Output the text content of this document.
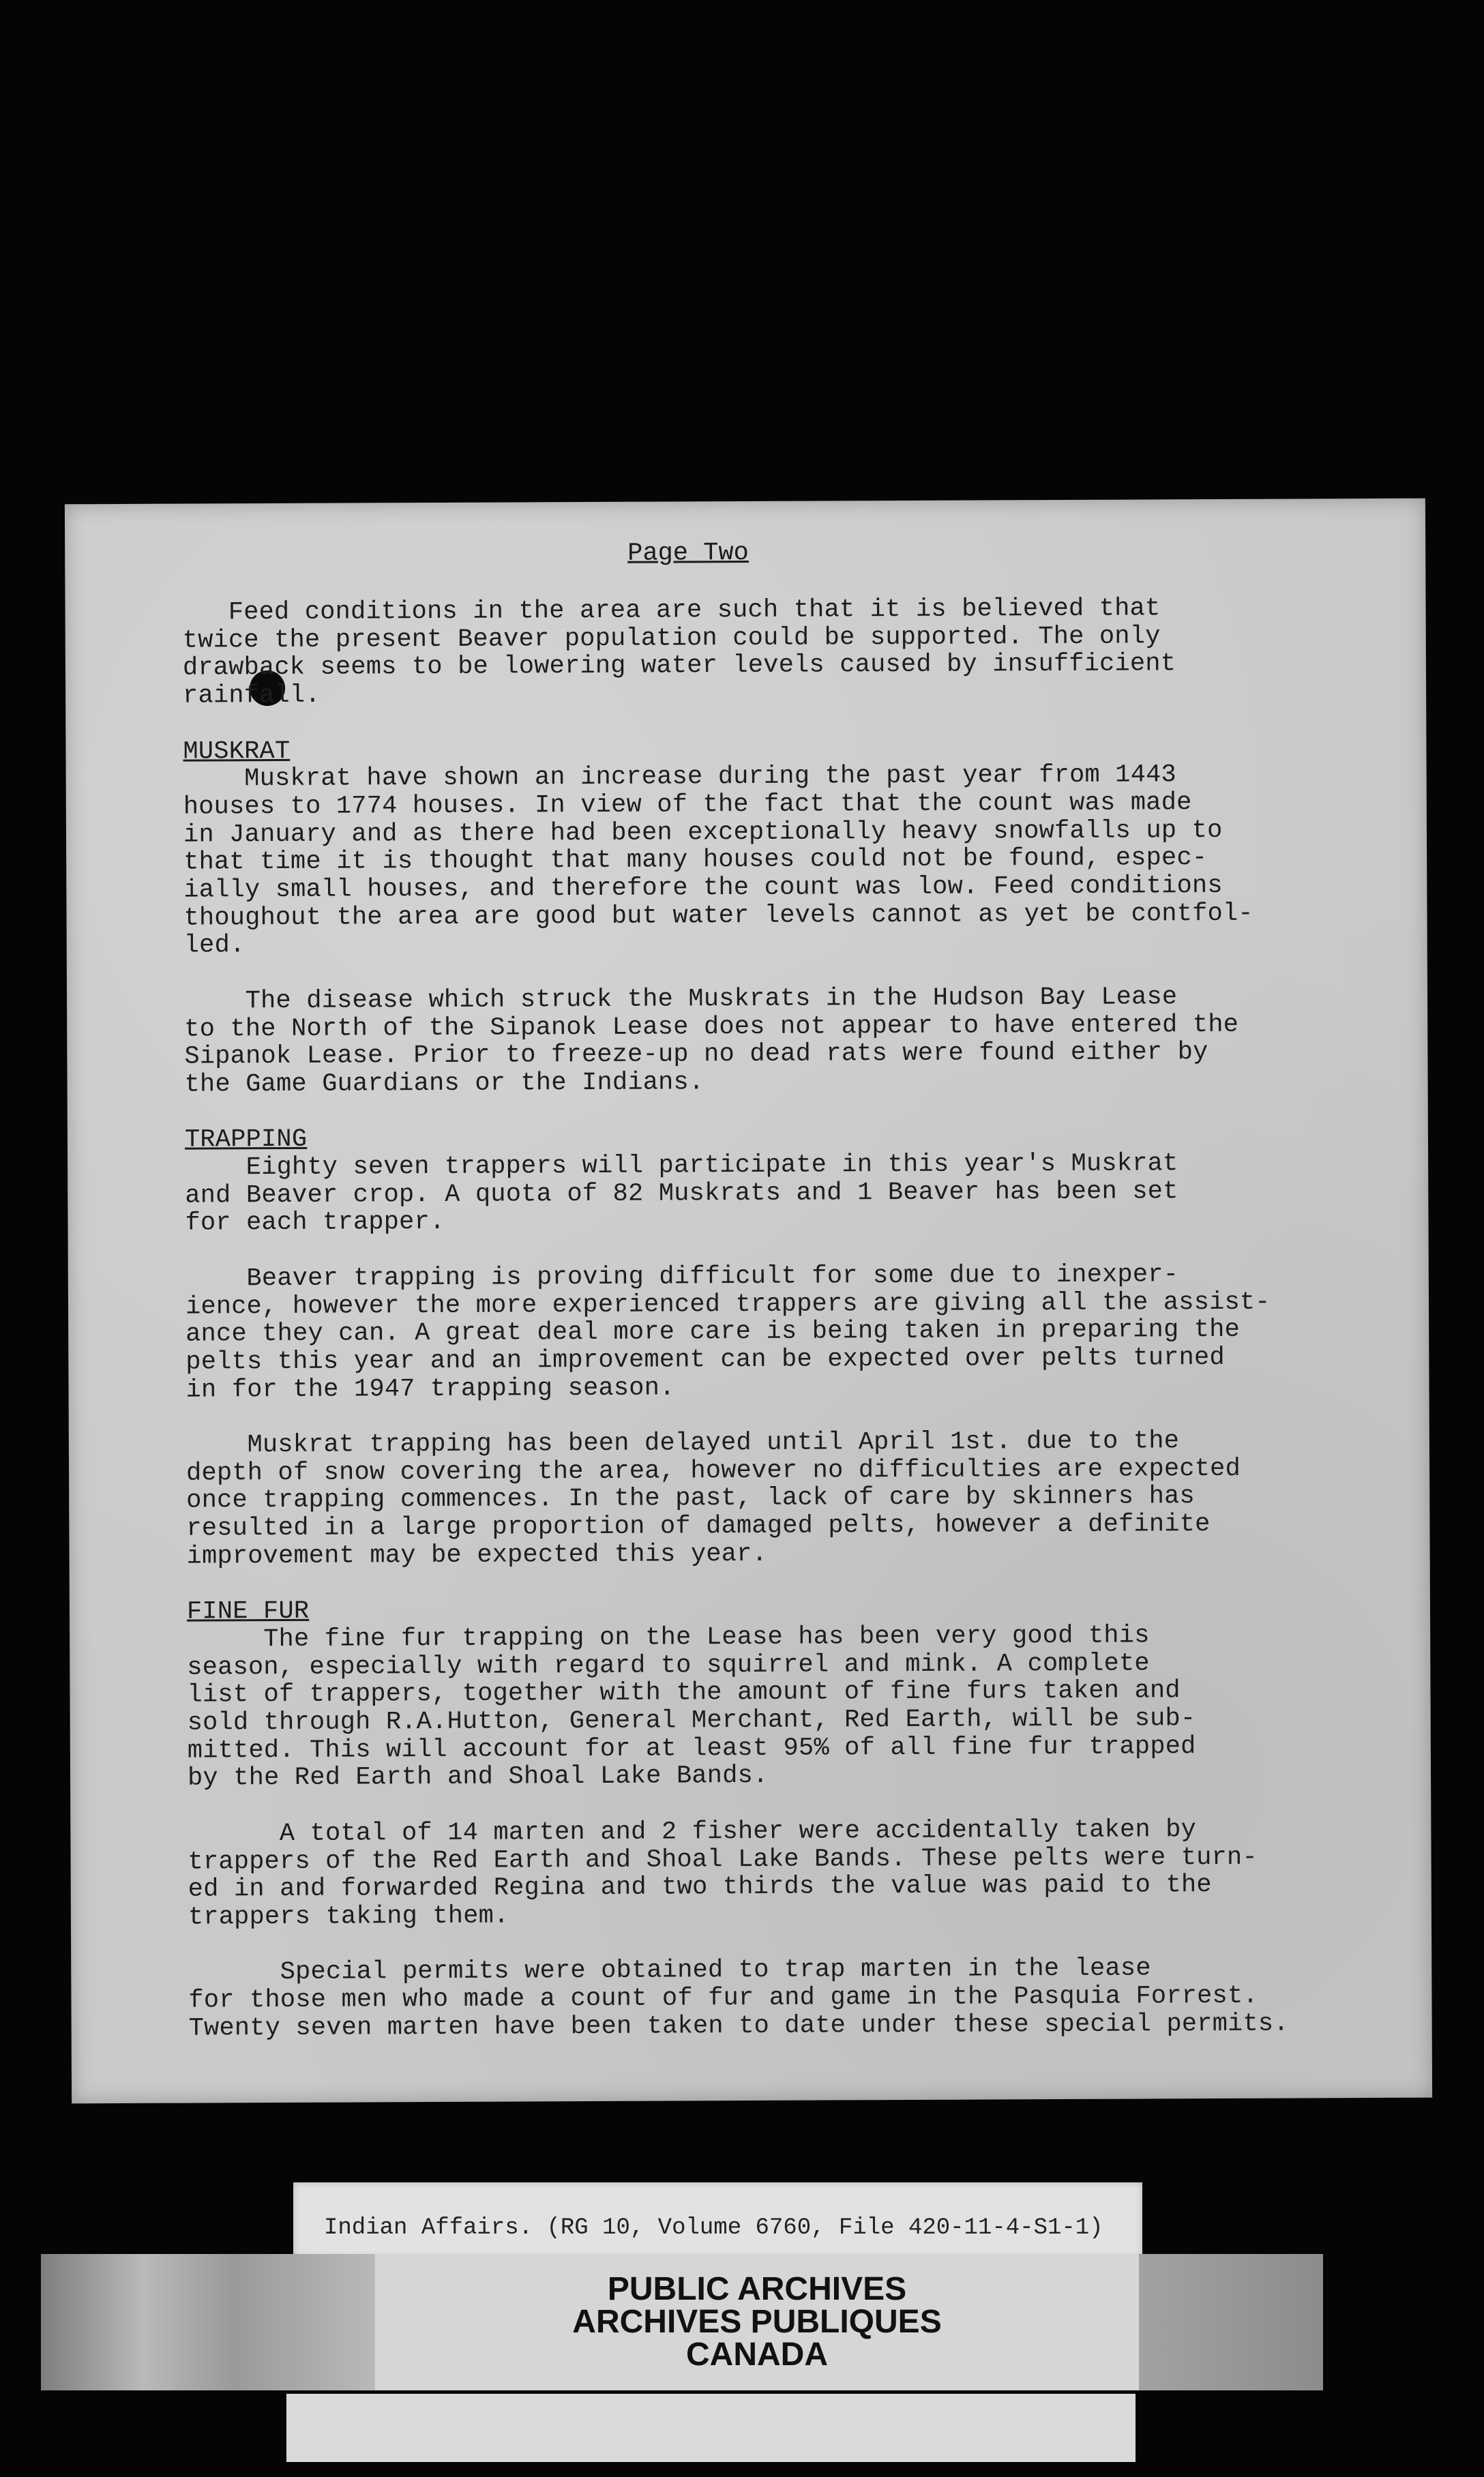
Page Two
Feed conditions in the area are such that it is believed that
twice the present Beaver population could be supported. The only
drawback seems to be lowering water levels caused by insufficient
rainfall.
MUSKRAT
Muskrat have shown an increase during the past year from 1443
houses to 1774 houses. In view of the fact that the count was made
in January and as there had been exceptionally heavy snowfalls up to
that time it is thought that many houses could not be found, espec-
ially small houses, and therefore the count was low. Feed conditions
thoughout the area are good but water levels cannot as yet be contfol-
led.
The disease which struck the Muskrats in the Hudson Bay Lease
to the North of the Sipanok Lease does not appear to have entered the
Sipanok Lease. Prior to freeze-up no dead rats were found either by
the Game Guardians or the Indians.
TRAPPING
Eighty seven trappers will participate in this year's Muskrat
and Beaver crop. A quota of 82 Muskrats and 1 Beaver has been set
for each trapper.
Beaver trapping is proving difficult for some due to inexper-
ience, however the more experienced trappers are giving all the assist-
ance they can. A great deal more care is being taken in preparing the
pelts this year and an improvement can be expected over pelts turned
in for the 1947 trapping season.
Muskrat trapping has been delayed until April 1st. due to the
depth of snow covering the area, however no difficulties are expected
once trapping commences. In the past, lack of care by skinners has
resulted in a large proportion of damaged pelts, however a definite
improvement may be expected this year.
FINE FUR
The fine fur trapping on the Lease has been very good this
season, especially with regard to squirrel and mink. A complete
list of trappers, together with the amount of fine furs taken and
sold through R.A.Hutton, General Merchant, Red Earth, will be sub-
mitted. This will account for at least 95% of all fine fur trapped
by the Red Earth and Shoal Lake Bands.
A total of 14 marten and 2 fisher were accidentally taken by
trappers of the Red Earth and Shoal Lake Bands. These pelts were turn-
ed in and forwarded Regina and two thirds the value was paid to the
trappers taking them.
Special permits were obtained to trap marten in the lease
for those men who made a count of fur and game in the Pasquia Forrest.
Twenty seven marten have been taken to date under these special permits.
Indian Affairs. (RG 10, Volume 6760, File 420-11-4-S1-1)
PUBLIC ARCHIVES
ARCHIVES PUBLIQUES
CANADA
